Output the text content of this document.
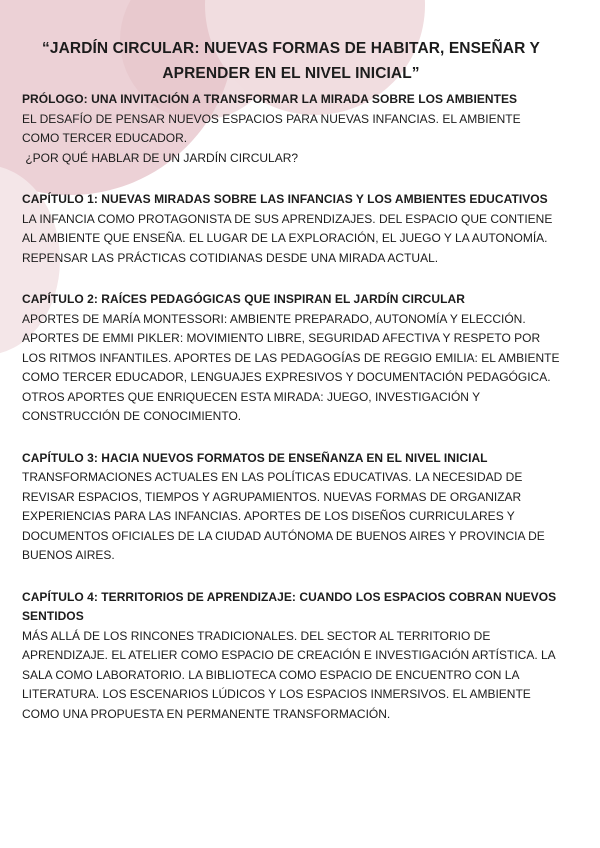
“JARDÍN CIRCULAR: NUEVAS FORMAS DE HABITAR, ENSEÑAR Y APRENDER EN EL NIVEL INICIAL”
PRÓLOGO: UNA INVITACIÓN A TRANSFORMAR LA MIRADA SOBRE LOS AMBIENTES

EL DESAFÍO DE PENSAR NUEVOS ESPACIOS PARA NUEVAS INFANCIAS. EL AMBIENTE COMO TERCER EDUCADOR.

¿POR QUÉ HABLAR DE UN JARDÍN CIRCULAR?

CAPÍTULO 1: NUEVAS MIRADAS SOBRE LAS INFANCIAS Y LOS AMBIENTES EDUCATIVOS

LA INFANCIA COMO PROTAGONISTA DE SUS APRENDIZAJES. DEL ESPACIO QUE CONTIENE AL AMBIENTE QUE ENSEÑA. EL LUGAR DE LA EXPLORACIÓN, EL JUEGO Y LA AUTONOMÍA. REPENSAR LAS PRÁCTICAS COTIDIANAS DESDE UNA MIRADA ACTUAL.

CAPÍTULO 2: RAÍCES PEDAGÓGICAS QUE INSPIRAN EL JARDÍN CIRCULAR

APORTES DE MARÍA MONTESSORI: AMBIENTE PREPARADO, AUTONOMÍA Y ELECCIÓN. APORTES DE EMMI PIKLER: MOVIMIENTO LIBRE, SEGURIDAD AFECTIVA Y RESPETO POR LOS RITMOS INFANTILES. APORTES DE LAS PEDAGOGÍAS DE REGGIO EMILIA: EL AMBIENTE COMO TERCER EDUCADOR, LENGUAJES EXPRESIVOS Y DOCUMENTACIÓN PEDAGÓGICA. OTROS APORTES QUE ENRIQUECEN ESTA MIRADA: JUEGO, INVESTIGACIÓN Y CONSTRUCCIÓN DE CONOCIMIENTO.

CAPÍTULO 3: HACIA NUEVOS FORMATOS DE ENSEÑANZA EN EL NIVEL INICIAL

TRANSFORMACIONES ACTUALES EN LAS POLÍTICAS EDUCATIVAS. LA NECESIDAD DE REVISAR ESPACIOS, TIEMPOS Y AGRUPAMIENTOS. NUEVAS FORMAS DE ORGANIZAR EXPERIENCIAS PARA LAS INFANCIAS. APORTES DE LOS DISEÑOS CURRICULARES Y DOCUMENTOS OFICIALES DE LA CIUDAD AUTÓNOMA DE BUENOS AIRES Y PROVINCIA DE BUENOS AIRES.

CAPÍTULO 4: TERRITORIOS DE APRENDIZAJE: CUANDO LOS ESPACIOS COBRAN NUEVOS SENTIDOS

MÁS ALLÁ DE LOS RINCONES TRADICIONALES. DEL SECTOR AL TERRITORIO DE APRENDIZAJE. EL ATELIER COMO ESPACIO DE CREACIÓN E INVESTIGACIÓN ARTÍSTICA. LA SALA COMO LABORATORIO. LA BIBLIOTECA COMO ESPACIO DE ENCUENTRO CON LA LITERATURA. LOS ESCENARIOS LÚDICOS Y LOS ESPACIOS INMERSIVOS. EL AMBIENTE COMO UNA PROPUESTA EN PERMANENTE TRANSFORMACIÓN.
